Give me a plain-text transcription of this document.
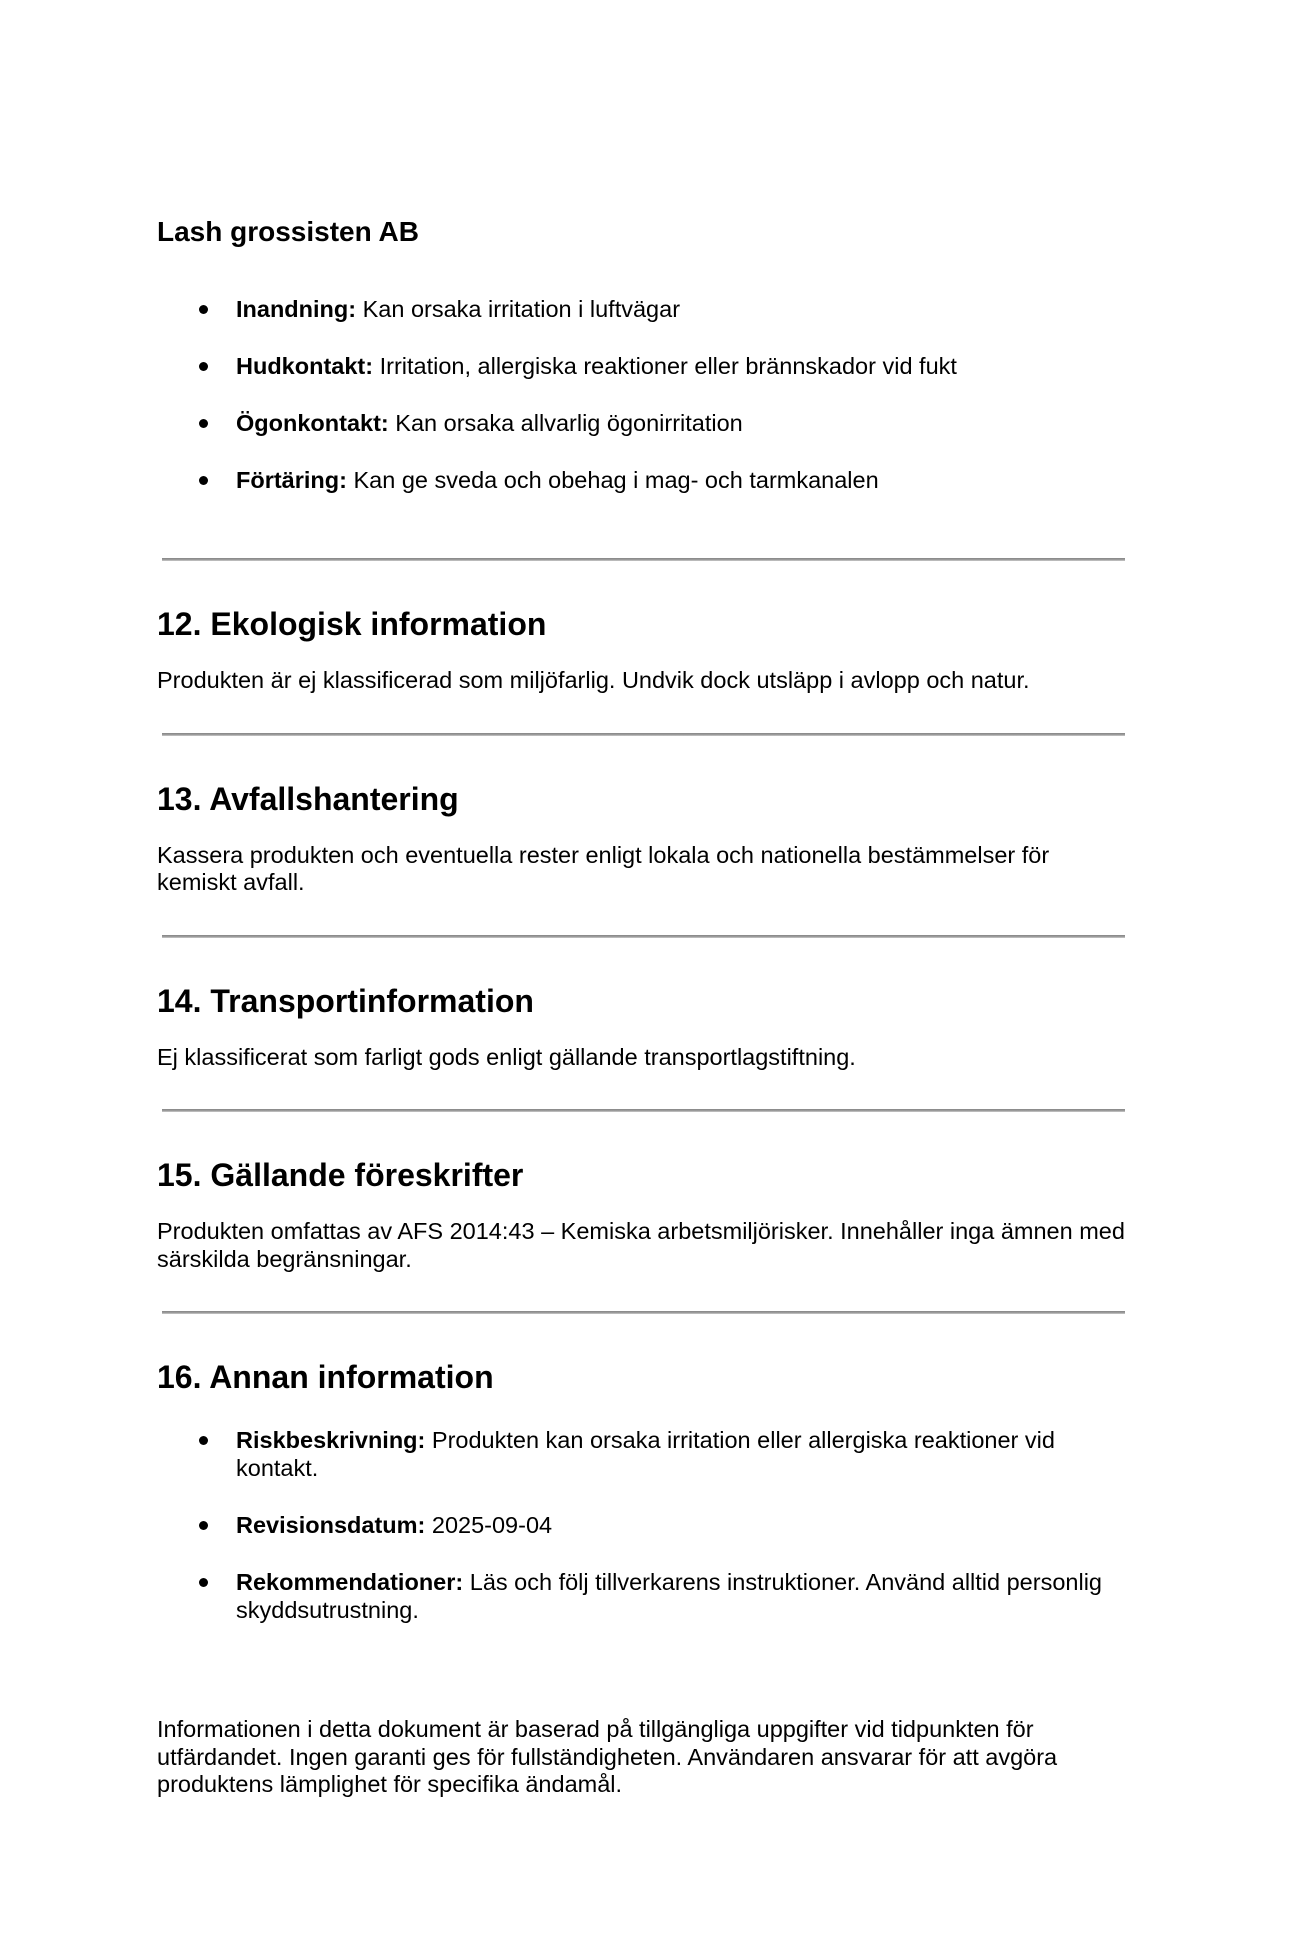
Lash grossisten AB

Inandning: Kan orsaka irritation i luftvägar
Hudkontakt: Irritation, allergiska reaktioner eller brännskador vid fukt
Ögonkontakt: Kan orsaka allvarlig ögonirritation
Förtäring: Kan ge sveda och obehag i mag- och tarmkanalen
12. Ekologisk information

Produkten är ej klassificerad som miljöfarlig. Undvik dock utsläpp i avlopp och natur.

13. Avfallshantering

Kassera produkten och eventuella rester enligt lokala och nationella bestämmelser för kemiskt avfall.

14. Transportinformation

Ej klassificerat som farligt gods enligt gällande transportlagstiftning.

15. Gällande föreskrifter

Produkten omfattas av AFS 2014:43 – Kemiska arbetsmiljörisker. Innehåller inga ämnen med särskilda begränsningar.

16. Annan information
Riskbeskrivning: Produkten kan orsaka irritation eller allergiska reaktioner vid kontakt.
Revisionsdatum: 2025-09-04
Rekommendationer: Läs och följ tillverkarens instruktioner. Använd alltid personlig skyddsutrustning.

Informationen i detta dokument är baserad på tillgängliga uppgifter vid tidpunkten för utfärdandet. Ingen garanti ges för fullständigheten. Användaren ansvarar för att avgöra produktens lämplighet för specifika ändamål.
